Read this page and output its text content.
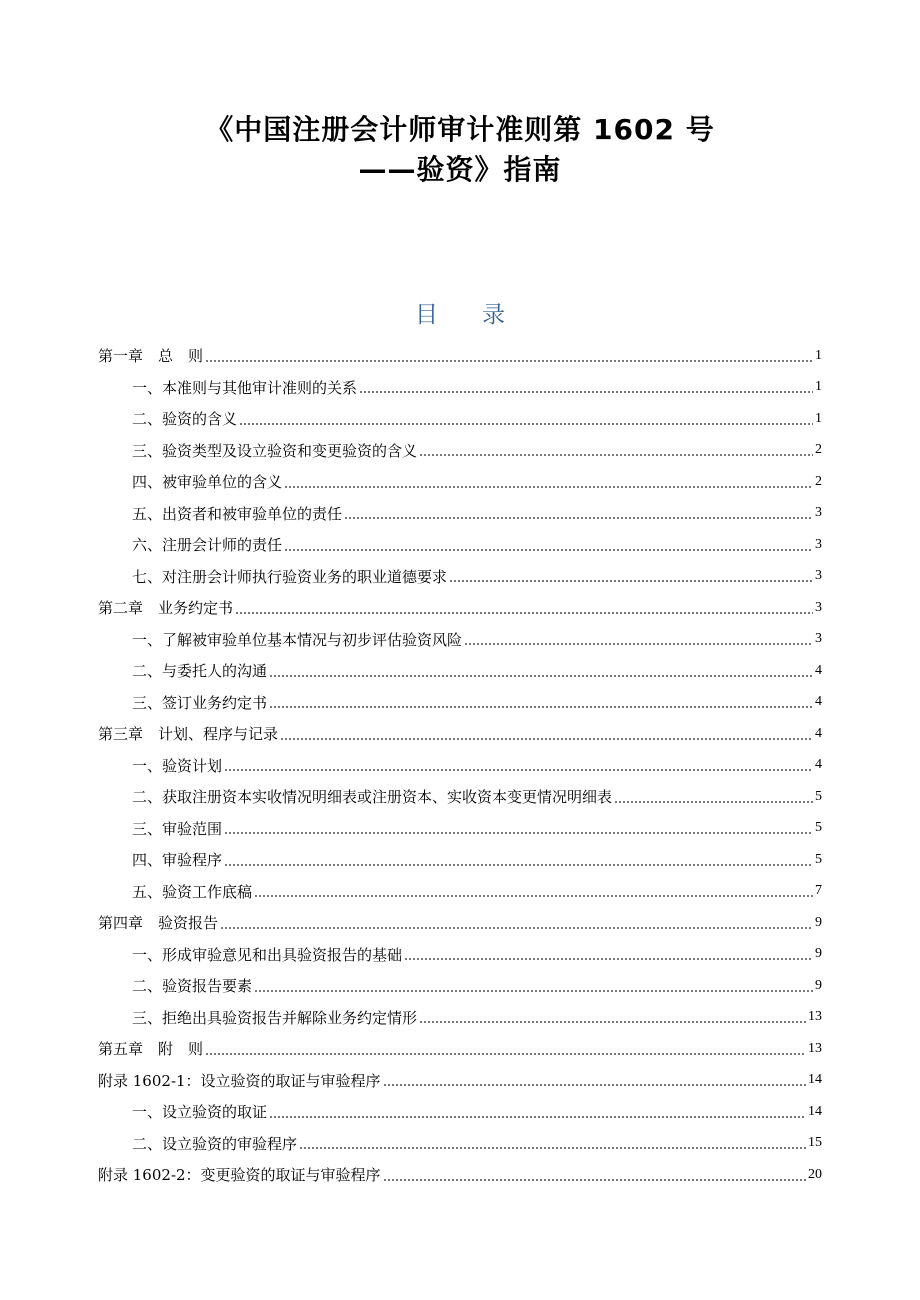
《中国注册会计师审计准则第 1602 号
——验资》指南
目录
第一章　总　则	1
一、本准则与其他审计准则的关系	1
二、验资的含义	1
三、验资类型及设立验资和变更验资的含义	2
四、被审验单位的含义	2
五、出资者和被审验单位的责任	3
六、注册会计师的责任	3
七、对注册会计师执行验资业务的职业道德要求	3
第二章　业务约定书	3
一、了解被审验单位基本情况与初步评估验资风险	3
二、与委托人的沟通	4
三、签订业务约定书	4
第三章　计划、程序与记录	4
一、验资计划	4
二、获取注册资本实收情况明细表或注册资本、实收资本变更情况明细表	5
三、审验范围	5
四、审验程序	5
五、验资工作底稿	7
第四章　验资报告	9
一、形成审验意见和出具验资报告的基础	9
二、验资报告要素	9
三、拒绝出具验资报告并解除业务约定情形	13
第五章　附　则	13
附录 1602-1：设立验资的取证与审验程序	14
一、设立验资的取证	14
二、设立验资的审验程序	15
附录 1602-2：变更验资的取证与审验程序	20
